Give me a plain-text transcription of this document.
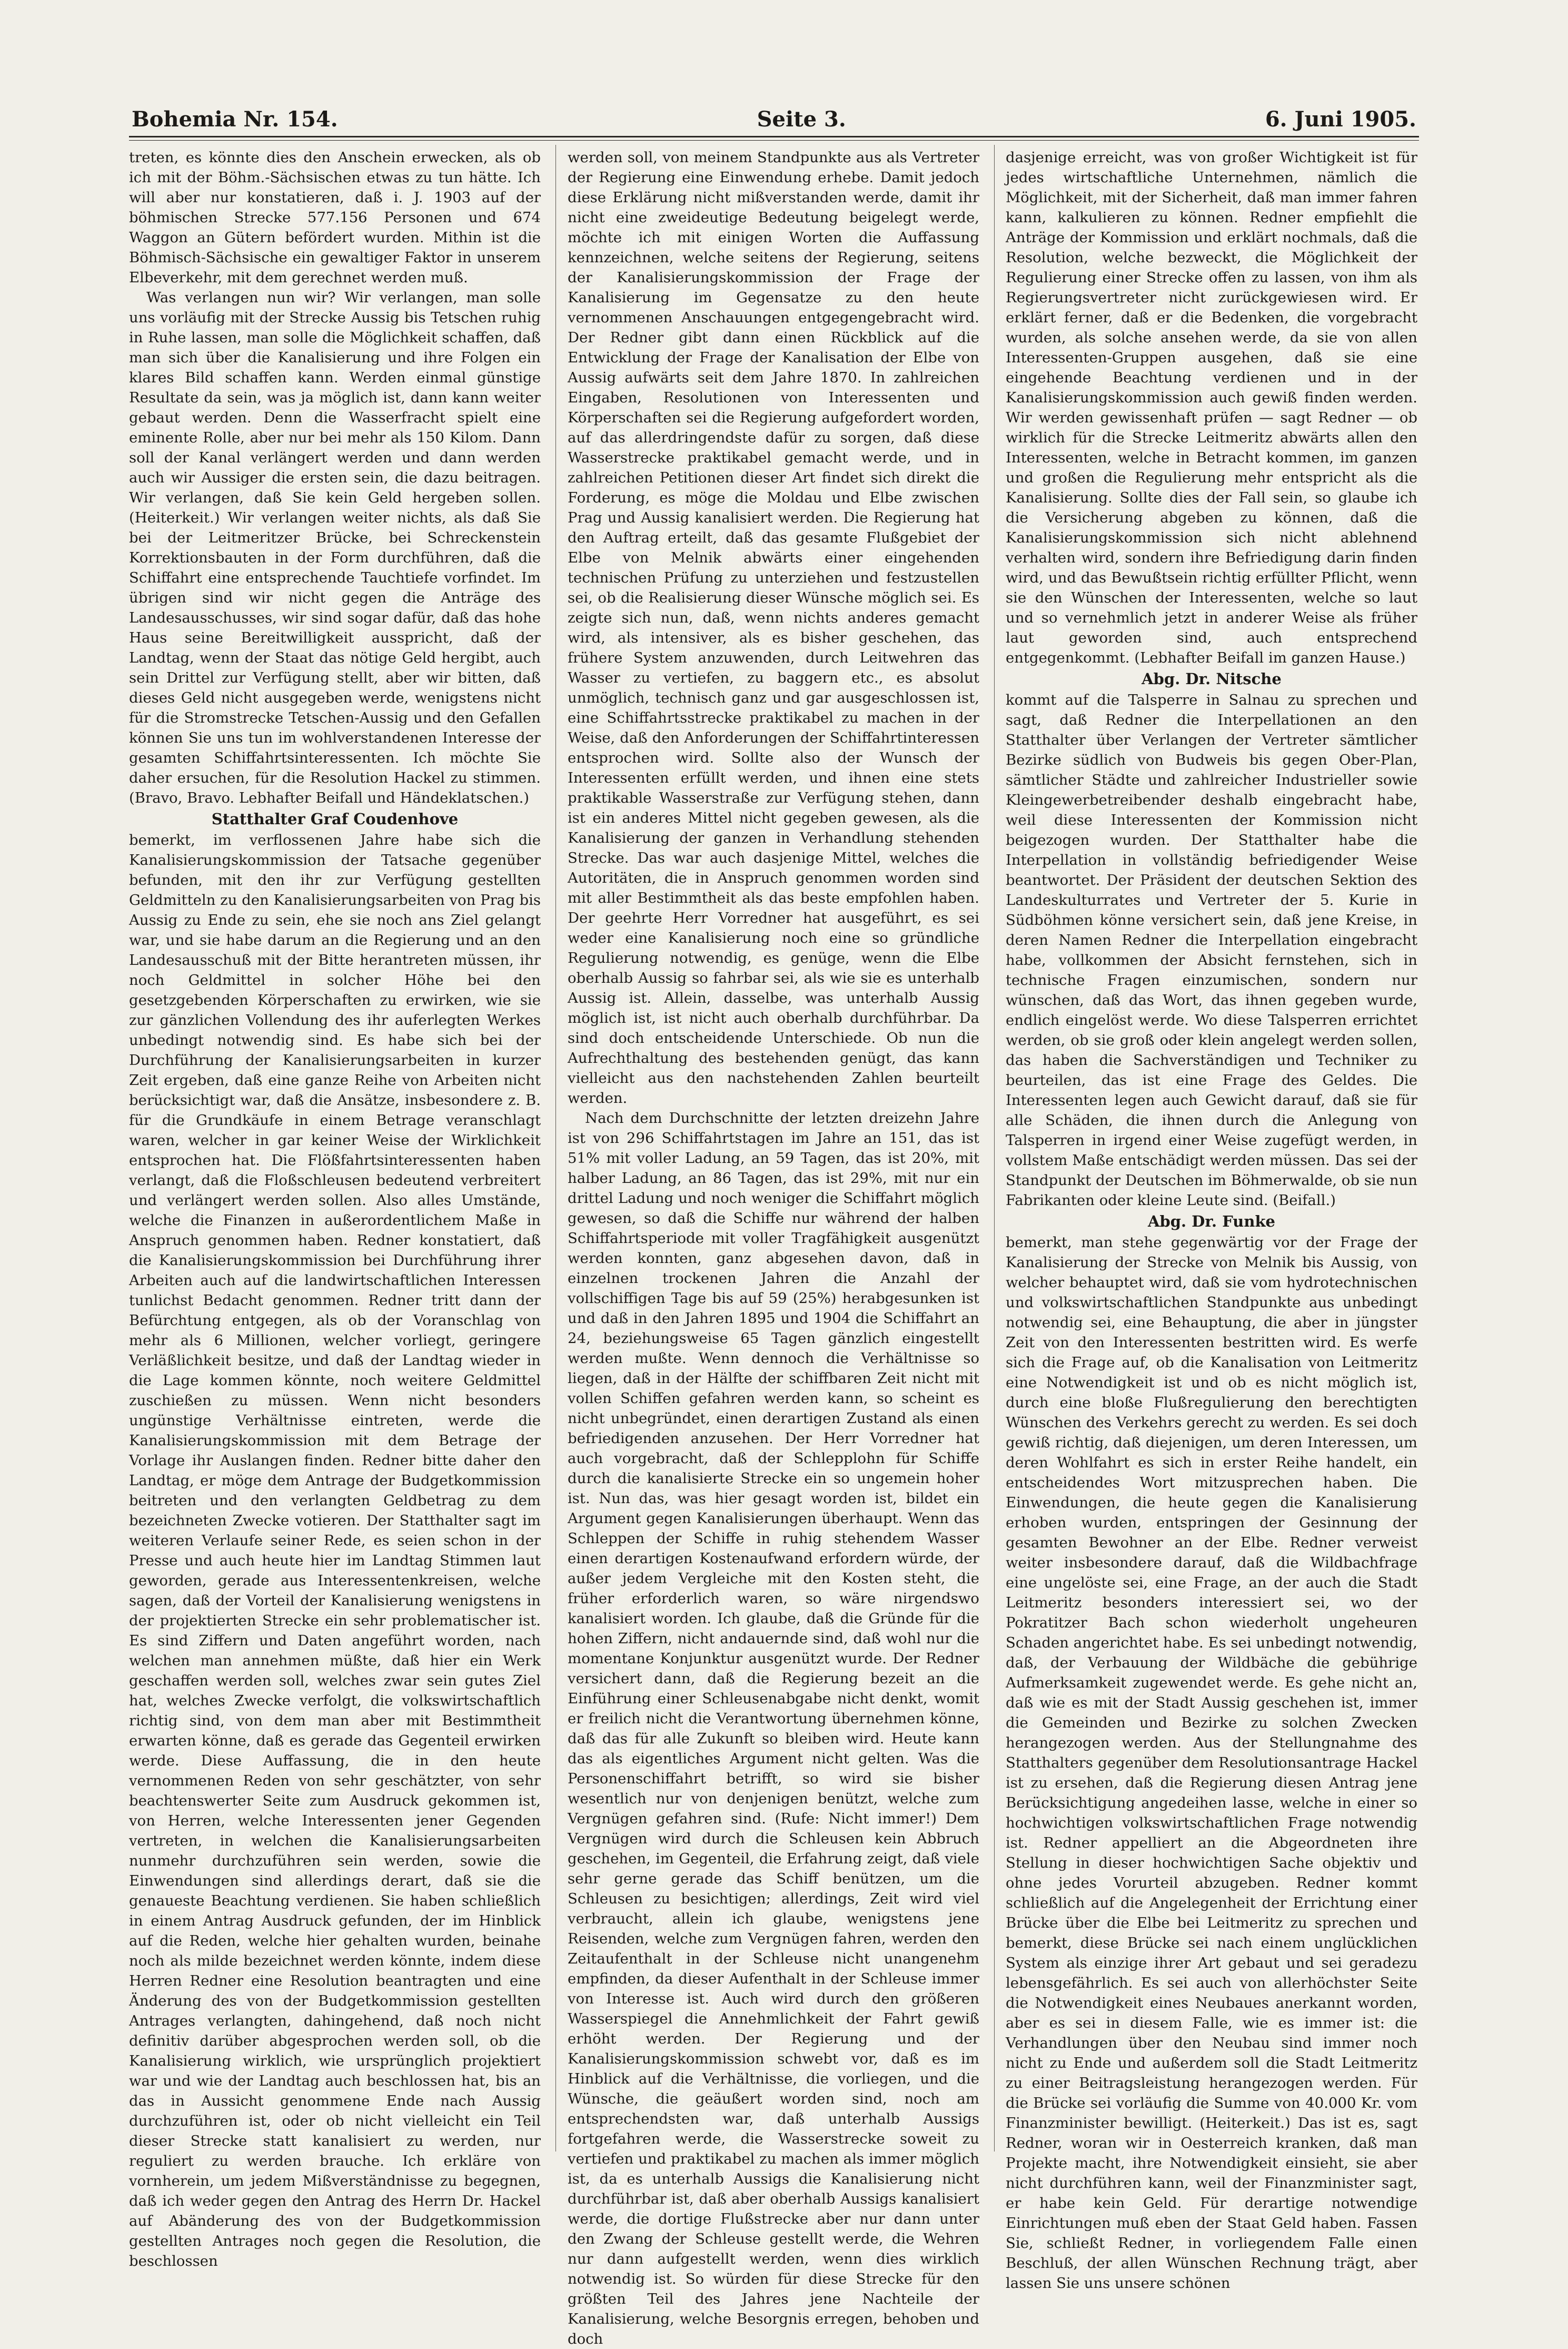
Bohemia Nr. 154.	Seite 3.	6. Juni 1905.

treten, es könnte dies den Anschein erwecken, als ob ich mit der Böhm.-Sächsischen etwas zu tun hätte. Ich will aber nur konstatieren, daß i. J. 1903 auf der böhmischen Strecke 577.156 Personen und 674 Waggon an Gütern befördert wurden. Mithin ist die Böhmisch-Sächsische ein gewaltiger Faktor in unserem Elbeverkehr, mit dem gerechnet werden muß.

Was verlangen nun wir? Wir verlangen, man solle uns vorläufig mit der Strecke Aussig bis Tetschen ruhig in Ruhe lassen, man solle die Möglichkeit schaffen, daß man sich über die Kanalisierung und ihre Folgen ein klares Bild schaffen kann. Werden einmal günstige Resultate da sein, was ja möglich ist, dann kann weiter gebaut werden. Denn die Wasserfracht spielt eine eminente Rolle, aber nur bei mehr als 150 Kilom. Dann soll der Kanal verlängert werden und dann werden auch wir Aussiger die ersten sein, die dazu beitragen. Wir verlangen, daß Sie kein Geld hergeben sollen. (Heiterkeit.) Wir verlangen weiter nichts, als daß Sie bei der Leitmeritzer Brücke, bei Schreckenstein Korrektionsbauten in der Form durchführen, daß die Schiffahrt eine entsprechende Tauchtiefe vorfindet. Im übrigen sind wir nicht gegen die Anträge des Landesausschusses, wir sind sogar dafür, daß das hohe Haus seine Bereitwilligkeit ausspricht, daß der Landtag, wenn der Staat das nötige Geld hergibt, auch sein Drittel zur Verfügung stellt, aber wir bitten, daß dieses Geld nicht ausgegeben werde, wenigstens nicht für die Stromstrecke Tetschen-Aussig und den Gefallen können Sie uns tun im wohlverstandenen Interesse der gesamten Schiffahrtsinteressenten. Ich möchte Sie daher ersuchen, für die Resolution Hackel zu stimmen. (Bravo, Bravo. Lebhafter Beifall und Händeklatschen.)

Statthalter Graf Coudenhove

bemerkt, im verflossenen Jahre habe sich die Kanalisierungskommission der Tatsache gegenüber befunden, mit den ihr zur Verfügung gestellten Geldmitteln zu den Kanalisierungsarbeiten von Prag bis Aussig zu Ende zu sein, ehe sie noch ans Ziel gelangt war, und sie habe darum an die Regierung und an den Landesausschuß mit der Bitte herantreten müssen, ihr noch Geldmittel in solcher Höhe bei den gesetzgebenden Körperschaften zu erwirken, wie sie zur gänzlichen Vollendung des ihr auferlegten Werkes unbedingt notwendig sind. Es habe sich bei der Durchführung der Kanalisierungsarbeiten in kurzer Zeit ergeben, daß eine ganze Reihe von Arbeiten nicht berücksichtigt war, daß die Ansätze, insbesondere z. B. für die Grundkäufe in einem Betrage veranschlagt waren, welcher in gar keiner Weise der Wirklichkeit entsprochen hat. Die Flößfahrtsinteressenten haben verlangt, daß die Floßschleusen bedeutend verbreitert und verlängert werden sollen. Also alles Umstände, welche die Finanzen in außerordentlichem Maße in Anspruch genommen haben. Redner konstatiert, daß die Kanalisierungskommission bei Durchführung ihrer Arbeiten auch auf die landwirtschaftlichen Interessen tunlichst Bedacht genommen. Redner tritt dann der Befürchtung entgegen, als ob der Voranschlag von mehr als 6 Millionen, welcher vorliegt, geringere Verläßlichkeit besitze, und daß der Landtag wieder in die Lage kommen könnte, noch weitere Geldmittel zuschießen zu müssen. Wenn nicht besonders ungünstige Verhältnisse eintreten, werde die Kanalisierungskommission mit dem Betrage der Vorlage ihr Auslangen finden. Redner bitte daher den Landtag, er möge dem Antrage der Budgetkommission beitreten und den verlangten Geldbetrag zu dem bezeichneten Zwecke votieren. Der Statthalter sagt im weiteren Verlaufe seiner Rede, es seien schon in der Presse und auch heute hier im Landtag Stimmen laut geworden, gerade aus Interessentenkreisen, welche sagen, daß der Vorteil der Kanalisierung wenigstens in der projektierten Strecke ein sehr problematischer ist. Es sind Ziffern und Daten angeführt worden, nach welchen man annehmen müßte, daß hier ein Werk geschaffen werden soll, welches zwar sein gutes Ziel hat, welches Zwecke verfolgt, die volkswirtschaftlich richtig sind, von dem man aber mit Bestimmtheit erwarten könne, daß es gerade das Gegenteil erwirken werde. Diese Auffassung, die in den heute vernommenen Reden von sehr geschätzter, von sehr beachtenswerter Seite zum Ausdruck gekommen ist, von Herren, welche Interessenten jener Gegenden vertreten, in welchen die Kanalisierungsarbeiten nunmehr durchzuführen sein werden, sowie die Einwendungen sind allerdings derart, daß sie die genaueste Beachtung verdienen. Sie haben schließlich in einem Antrag Ausdruck gefunden, der im Hinblick auf die Reden, welche hier gehalten wurden, beinahe noch als milde bezeichnet werden könnte, indem diese Herren Redner eine Resolution beantragten und eine Änderung des von der Budgetkommission gestellten Antrages verlangten, dahingehend, daß noch nicht definitiv darüber abgesprochen werden soll, ob die Kanalisierung wirklich, wie ursprünglich projektiert war und wie der Landtag auch beschlossen hat, bis an das in Aussicht genommene Ende nach Aussig durchzuführen ist, oder ob nicht vielleicht ein Teil dieser Strecke statt kanalisiert zu werden, nur reguliert zu werden brauche. Ich erkläre von vornherein, um jedem Mißverständnisse zu begegnen, daß ich weder gegen den Antrag des Herrn Dr. Hackel auf Abänderung des von der Budgetkommission gestellten Antrages noch gegen die Resolution, die beschlossen

werden soll, von meinem Standpunkte aus als Vertreter der Regierung eine Einwendung erhebe. Damit jedoch diese Erklärung nicht mißverstanden werde, damit ihr nicht eine zweideutige Bedeutung beigelegt werde, möchte ich mit einigen Worten die Auffassung kennzeichnen, welche seitens der Regierung, seitens der Kanalisierungskommission der Frage der Kanalisierung im Gegensatze zu den heute vernommenen Anschauungen entgegengebracht wird. Der Redner gibt dann einen Rückblick auf die Entwicklung der Frage der Kanalisation der Elbe von Aussig aufwärts seit dem Jahre 1870. In zahlreichen Eingaben, Resolutionen von Interessenten und Körperschaften sei die Regierung aufgefordert worden, auf das allerdringendste dafür zu sorgen, daß diese Wasserstrecke praktikabel gemacht werde, und in zahlreichen Petitionen dieser Art findet sich direkt die Forderung, es möge die Moldau und Elbe zwischen Prag und Aussig kanalisiert werden. Die Regierung hat den Auftrag erteilt, daß das gesamte Flußgebiet der Elbe von Melnik abwärts einer eingehenden technischen Prüfung zu unterziehen und festzustellen sei, ob die Realisierung dieser Wünsche möglich sei. Es zeigte sich nun, daß, wenn nichts anderes gemacht wird, als intensiver, als es bisher geschehen, das frühere System anzuwenden, durch Leitwehren das Wasser zu vertiefen, zu baggern etc., es absolut unmöglich, technisch ganz und gar ausgeschlossen ist, eine Schiffahrtsstrecke praktikabel zu machen in der Weise, daß den Anforderungen der Schiffahrtinteressen entsprochen wird. Sollte also der Wunsch der Interessenten erfüllt werden, und ihnen eine stets praktikable Wasserstraße zur Verfügung stehen, dann ist ein anderes Mittel nicht gegeben gewesen, als die Kanalisierung der ganzen in Verhandlung stehenden Strecke. Das war auch dasjenige Mittel, welches die Autoritäten, die in Anspruch genommen worden sind mit aller Bestimmtheit als das beste empfohlen haben. Der geehrte Herr Vorredner hat ausgeführt, es sei weder eine Kanalisierung noch eine so gründliche Regulierung notwendig, es genüge, wenn die Elbe oberhalb Aussig so fahrbar sei, als wie sie es unterhalb Aussig ist. Allein, dasselbe, was unterhalb Aussig möglich ist, ist nicht auch oberhalb durchführbar. Da sind doch entscheidende Unterschiede. Ob nun die Aufrechthaltung des bestehenden genügt, das kann vielleicht aus den nachstehenden Zahlen beurteilt werden.

Nach dem Durchschnitte der letzten dreizehn Jahre ist von 296 Schiffahrtstagen im Jahre an 151, das ist 51% mit voller Ladung, an 59 Tagen, das ist 20%, mit halber Ladung, an 86 Tagen, das ist 29%, mit nur ein drittel Ladung und noch weniger die Schiffahrt möglich gewesen, so daß die Schiffe nur während der halben Schiffahrtsperiode mit voller Tragfähigkeit ausgenützt werden konnten, ganz abgesehen davon, daß in einzelnen trockenen Jahren die Anzahl der vollschiffigen Tage bis auf 59 (25%) herabgesunken ist und daß in den Jahren 1895 und 1904 die Schiffahrt an 24, beziehungsweise 65 Tagen gänzlich eingestellt werden mußte. Wenn dennoch die Verhältnisse so liegen, daß in der Hälfte der schiffbaren Zeit nicht mit vollen Schiffen gefahren werden kann, so scheint es nicht unbegründet, einen derartigen Zustand als einen befriedigenden anzusehen. Der Herr Vorredner hat auch vorgebracht, daß der Schlepplohn für Schiffe durch die kanalisierte Strecke ein so ungemein hoher ist. Nun das, was hier gesagt worden ist, bildet ein Argument gegen Kanalisierungen überhaupt. Wenn das Schleppen der Schiffe in ruhig stehendem Wasser einen derartigen Kostenaufwand erfordern würde, der außer jedem Vergleiche mit den Kosten steht, die früher erforderlich waren, so wäre nirgendswo kanalisiert worden. Ich glaube, daß die Gründe für die hohen Ziffern, nicht andauernde sind, daß wohl nur die momentane Konjunktur ausgenützt wurde. Der Redner versichert dann, daß die Regierung bezeit an die Einführung einer Schleusenabgabe nicht denkt, womit er freilich nicht die Verantwortung übernehmen könne, daß das für alle Zukunft so bleiben wird. Heute kann das als eigentliches Argument nicht gelten. Was die Personenschiffahrt betrifft, so wird sie bisher wesentlich nur von denjenigen benützt, welche zum Vergnügen gefahren sind. (Rufe: Nicht immer!) Dem Vergnügen wird durch die Schleusen kein Abbruch geschehen, im Gegenteil, die Erfahrung zeigt, daß viele sehr gerne gerade das Schiff benützen, um die Schleusen zu besichtigen; allerdings, Zeit wird viel verbraucht, allein ich glaube, wenigstens jene Reisenden, welche zum Vergnügen fahren, werden den Zeitaufenthalt in der Schleuse nicht unangenehm empfinden, da dieser Aufenthalt in der Schleuse immer von Interesse ist. Auch wird durch den größeren Wasserspiegel die Annehmlichkeit der Fahrt gewiß erhöht werden. Der Regierung und der Kanalisierungskommission schwebt vor, daß es im Hinblick auf die Verhältnisse, die vorliegen, und die Wünsche, die geäußert worden sind, noch am entsprechendsten war, daß unterhalb Aussigs fortgefahren werde, die Wasserstrecke soweit zu vertiefen und praktikabel zu machen als immer möglich ist, da es unterhalb Aussigs die Kanalisierung nicht durchführbar ist, daß aber oberhalb Aussigs kanalisiert werde, die dortige Flußstrecke aber nur dann unter den Zwang der Schleuse gestellt werde, die Wehren nur dann aufgestellt werden, wenn dies wirklich notwendig ist. So würden für diese Strecke für den größten Teil des Jahres jene Nachteile der Kanalisierung, welche Besorgnis erregen, behoben und doch

dasjenige erreicht, was von großer Wichtigkeit ist für jedes wirtschaftliche Unternehmen, nämlich die Möglichkeit, mit der Sicherheit, daß man immer fahren kann, kalkulieren zu können. Redner empfiehlt die Anträge der Kommission und erklärt nochmals, daß die Resolution, welche bezweckt, die Möglichkeit der Regulierung einer Strecke offen zu lassen, von ihm als Regierungsvertreter nicht zurückgewiesen wird. Er erklärt ferner, daß er die Bedenken, die vorgebracht wurden, als solche ansehen werde, da sie von allen Interessenten-Gruppen ausgehen, daß sie eine eingehende Beachtung verdienen und in der Kanalisierungskommission auch gewiß finden werden. Wir werden gewissenhaft prüfen — sagt Redner — ob wirklich für die Strecke Leitmeritz abwärts allen den Interessenten, welche in Betracht kommen, im ganzen und großen die Regulierung mehr entspricht als die Kanalisierung. Sollte dies der Fall sein, so glaube ich die Versicherung abgeben zu können, daß die Kanalisierungskommission sich nicht ablehnend verhalten wird, sondern ihre Befriedigung darin finden wird, und das Bewußtsein richtig erfüllter Pflicht, wenn sie den Wünschen der Interessenten, welche so laut und so vernehmlich jetzt in anderer Weise als früher laut geworden sind, auch entsprechend entgegenkommt. (Lebhafter Beifall im ganzen Hause.)

Abg. Dr. Nitsche

kommt auf die Talsperre in Salnau zu sprechen und sagt, daß Redner die Interpellationen an den Statthalter über Verlangen der Vertreter sämtlicher Bezirke südlich von Budweis bis gegen Ober-Plan, sämtlicher Städte und zahlreicher Industrieller sowie Kleingewerbetreibender deshalb eingebracht habe, weil diese Interessenten der Kommission nicht beigezogen wurden. Der Statthalter habe die Interpellation in vollständig befriedigender Weise beantwortet. Der Präsident der deutschen Sektion des Landeskulturrates und Vertreter der 5. Kurie in Südböhmen könne versichert sein, daß jene Kreise, in deren Namen Redner die Interpellation eingebracht habe, vollkommen der Absicht fernstehen, sich in technische Fragen einzumischen, sondern nur wünschen, daß das Wort, das ihnen gegeben wurde, endlich eingelöst werde. Wo diese Talsperren errichtet werden, ob sie groß oder klein angelegt werden sollen, das haben die Sachverständigen und Techniker zu beurteilen, das ist eine Frage des Geldes. Die Interessenten legen auch Gewicht darauf, daß sie für alle Schäden, die ihnen durch die Anlegung von Talsperren in irgend einer Weise zugefügt werden, in vollstem Maße entschädigt werden müssen. Das sei der Standpunkt der Deutschen im Böhmerwalde, ob sie nun Fabrikanten oder kleine Leute sind. (Beifall.)

Abg. Dr. Funke

bemerkt, man stehe gegenwärtig vor der Frage der Kanalisierung der Strecke von Melnik bis Aussig, von welcher behauptet wird, daß sie vom hydrotechnischen und volkswirtschaftlichen Standpunkte aus unbedingt notwendig sei, eine Behauptung, die aber in jüngster Zeit von den Interessenten bestritten wird. Es werfe sich die Frage auf, ob die Kanalisation von Leitmeritz eine Notwendigkeit ist und ob es nicht möglich ist, durch eine bloße Flußregulierung den berechtigten Wünschen des Verkehrs gerecht zu werden. Es sei doch gewiß richtig, daß diejenigen, um deren Interessen, um deren Wohlfahrt es sich in erster Reihe handelt, ein entscheidendes Wort mitzusprechen haben. Die Einwendungen, die heute gegen die Kanalisierung erhoben wurden, entspringen der Gesinnung der gesamten Bewohner an der Elbe. Redner verweist weiter insbesondere darauf, daß die Wildbachfrage eine ungelöste sei, eine Frage, an der auch die Stadt Leitmeritz besonders interessiert sei, wo der Pokratitzer Bach schon wiederholt ungeheuren Schaden angerichtet habe. Es sei unbedingt notwendig, daß, der Verbauung der Wildbäche die gebührige Aufmerksamkeit zugewendet werde. Es gehe nicht an, daß wie es mit der Stadt Aussig geschehen ist, immer die Gemeinden und Bezirke zu solchen Zwecken herangezogen werden. Aus der Stellungnahme des Statthalters gegenüber dem Resolutionsantrage Hackel ist zu ersehen, daß die Regierung diesen Antrag jene Berücksichtigung angedeihen lasse, welche in einer so hochwichtigen volkswirtschaftlichen Frage notwendig ist. Redner appelliert an die Abgeordneten ihre Stellung in dieser hochwichtigen Sache objektiv und ohne jedes Vorurteil abzugeben. Redner kommt schließlich auf die Angelegenheit der Errichtung einer Brücke über die Elbe bei Leitmeritz zu sprechen und bemerkt, diese Brücke sei nach einem unglücklichen System als einzige ihrer Art gebaut und sei geradezu lebensgefährlich. Es sei auch von allerhöchster Seite die Notwendigkeit eines Neubaues anerkannt worden, aber es sei in diesem Falle, wie es immer ist: die Verhandlungen über den Neubau sind immer noch nicht zu Ende und außerdem soll die Stadt Leitmeritz zu einer Beitragsleistung herangezogen werden. Für die Brücke sei vorläufig die Summe von 40.000 Kr. vom Finanzminister bewilligt. (Heiterkeit.) Das ist es, sagt Redner, woran wir in Oesterreich kranken, daß man Projekte macht, ihre Notwendigkeit einsieht, sie aber nicht durchführen kann, weil der Finanzminister sagt, er habe kein Geld. Für derartige notwendige Einrichtungen muß eben der Staat Geld haben. Fassen Sie, schließt Redner, in vorliegendem Falle einen Beschluß, der allen Wünschen Rechnung trägt, aber lassen Sie uns unsere schönen
